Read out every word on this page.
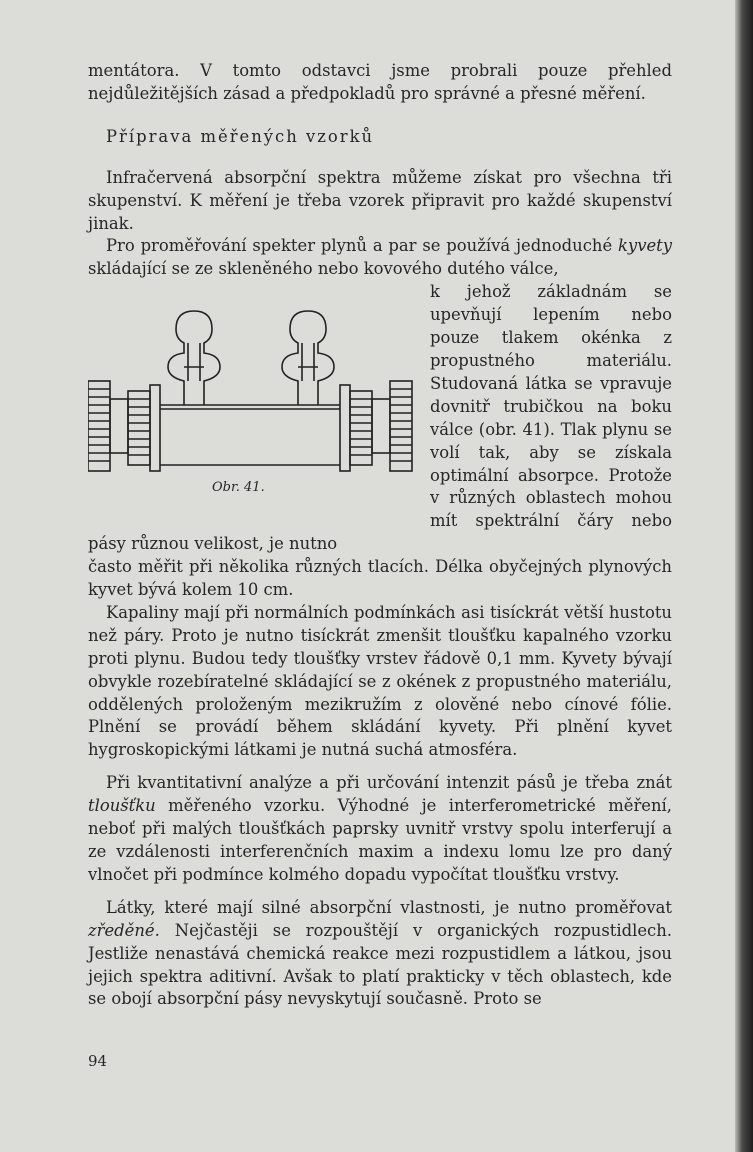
mentátora. V tomto odstavci jsme probrali pouze přehled nejdůležitějších zásad a předpokladů pro správné a přesné měření.

Příprava měřených vzorků

Infračervená absorpční spektra můžeme získat pro všechna tři skupenství. K měření je třeba vzorek připravit pro každé skupenství jinak.

Pro proměřování spekter plynů a par se používá jednoduché kyvety skládající se ze skleněného nebo kovového dutého válce,

Obr. 41.

k jehož základnám se upevňují lepením nebo pouze tlakem okénka z propustného materiálu. Studovaná látka se vpravuje dovnitř trubičkou na boku válce (obr. 41). Tlak plynu se volí tak, aby se získala optimální absorpce. Protože v různých oblastech mohou mít spektrální čáry nebo pásy různou velikost, je nutno

často měřit při několika různých tlacích. Délka obyčejných plynových kyvet bývá kolem 10 cm.

Kapaliny mají při normálních podmínkách asi tisíckrát větší hustotu než páry. Proto je nutno tisíckrát zmenšit tloušťku kapalného vzorku proti plynu. Budou tedy tloušťky vrstev řádově 0,1 mm. Kyvety bývají obvykle rozebíratelné skládající se z okének z propustného materiálu, oddělených proloženým mezikružím z olověné nebo cínové fólie. Plnění se provádí během skládání kyvety. Při plnění kyvet hygroskopickými látkami je nutná suchá atmosféra.

Při kvantitativní analýze a při určování intenzit pásů je třeba znát tloušťku měřeného vzorku. Výhodné je interferometrické měření, neboť při malých tloušťkách paprsky uvnitř vrstvy spolu interferují a ze vzdálenosti interferenčních maxim a indexu lomu lze pro daný vlnočet při podmínce kolmého dopadu vypočítat tloušťku vrstvy.

Látky, které mají silné absorpční vlastnosti, je nutno proměřovat zředěné. Nejčastěji se rozpouštějí v organických rozpustidlech. Jestliže nenastává chemická reakce mezi rozpustidlem a látkou, jsou jejich spektra aditivní. Avšak to platí prakticky v těch oblastech, kde se obojí absorpční pásy nevyskytují současně. Proto se

94
